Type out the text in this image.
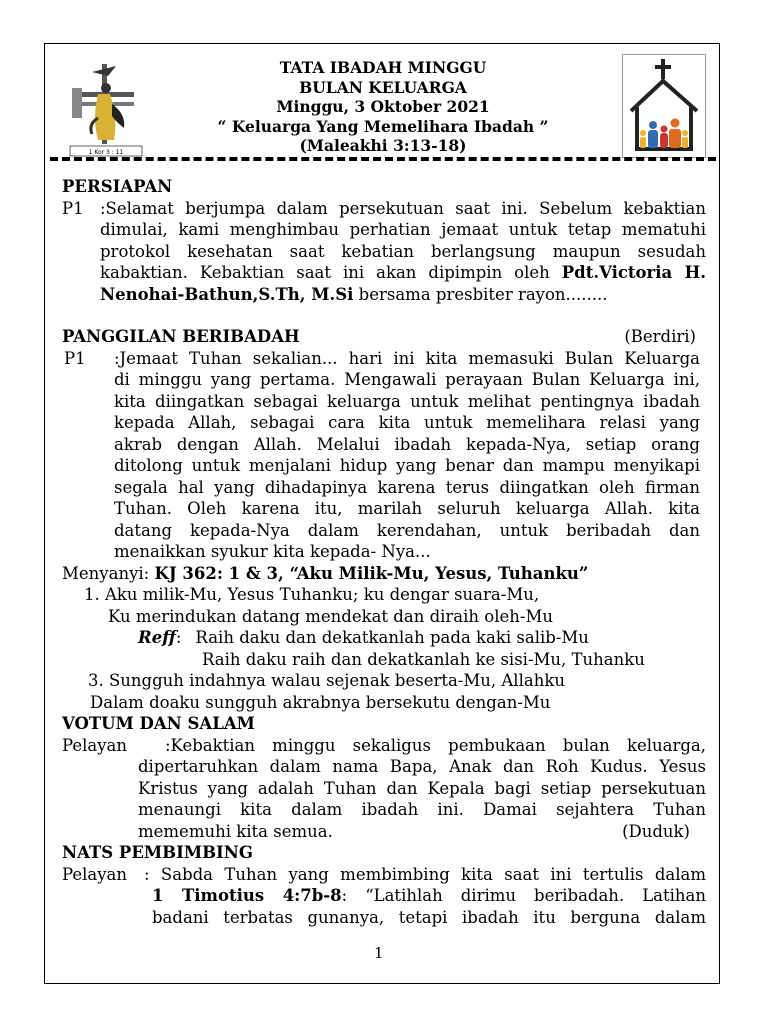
1 Kor 3 : 11
TATA IBADAH MINGGU
BULAN KELUARGA
Minggu, 3 Oktober 2021
“ Keluarga Yang Memelihara Ibadah ”
(Maleakhi 3:13-18)
PERSIAPAN
P1 :Selamat berjumpa dalam persekutuan saat ini. Sebelum kebaktian
dimulai, kami menghimbau perhatian jemaat untuk tetap mematuhi
protokol kesehatan saat kebatian berlangsung maupun sesudah
kabaktian. Kebaktian saat ini akan dipimpin oleh Pdt.Victoria H.
Nenohai-Bathun,S.Th, M.Si bersama presbiter rayon........
PANGGILAN BERIBADAH	(Berdiri)
P1	:Jemaat Tuhan sekalian... hari ini kita memasuki Bulan Keluarga
di minggu yang pertama. Mengawali perayaan Bulan Keluarga ini,
kita diingatkan sebagai keluarga untuk melihat pentingnya ibadah
kepada Allah, sebagai cara kita untuk memelihara relasi yang
akrab dengan Allah. Melalui ibadah kepada-Nya, setiap orang
ditolong untuk menjalani hidup yang benar dan mampu menyikapi
segala hal yang dihadapinya karena terus diingatkan oleh firman
Tuhan. Oleh karena itu, marilah seluruh keluarga Allah. kita
datang kepada-Nya dalam kerendahan, untuk beribadah dan
menaikkan syukur kita kepada- Nya...
Menyanyi: KJ 362: 1 & 3, “Aku Milik-Mu, Yesus, Tuhanku”
1. Aku milik-Mu, Yesus Tuhanku; ku dengar suara-Mu,
Ku merindukan datang mendekat dan diraih oleh-Mu
Reff: Raih daku dan dekatkanlah pada kaki salib-Mu
Raih daku raih dan dekatkanlah ke sisi-Mu, Tuhanku
3. Sungguh indahnya walau sejenak beserta-Mu, Allahku
Dalam doaku sungguh akrabnya bersekutu dengan-Mu
VOTUM DAN SALAM
Pelayan	:Kebaktian minggu sekaligus pembukaan bulan keluarga,
dipertaruhkan dalam nama Bapa, Anak dan Roh Kudus. Yesus
Kristus yang adalah Tuhan dan Kepala bagi setiap persekutuan
menaungi kita dalam ibadah ini. Damai sejahtera Tuhan
mememuhi kita semua.	(Duduk)
NATS PEMBIMBING
Pelayan	: Sabda Tuhan yang membimbing kita saat ini tertulis dalam
1 Timotius 4:7b-8: “Latihlah dirimu beribadah. Latihan
badani terbatas gunanya, tetapi ibadah itu berguna dalam
1
